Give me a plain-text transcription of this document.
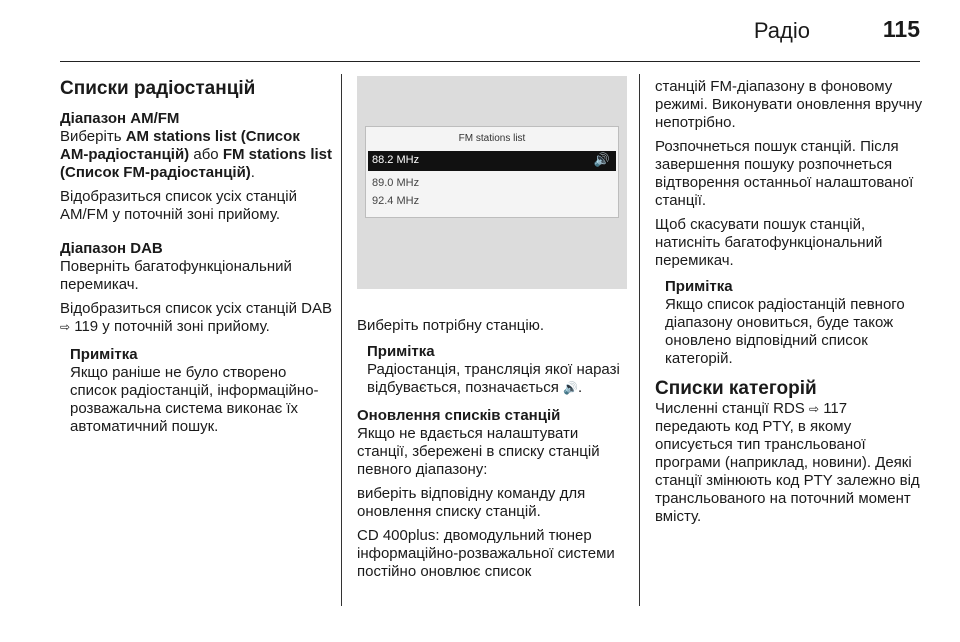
Радіо	115
Списки радіостанцій
Діапазон AM/FM

Виберіть AM stations list (Список АМ-радіостанцій) або FM stations list (Список FM-радіостанцій).

Відобразиться список усіх станцій AM/FM у поточній зоні прийому.

Діапазон DAB

Поверніть багатофункціональний перемикач.

Відобразиться список усіх станцій DAB ⇨ 119 у поточній зоні прийому.

Примітка

Якщо раніше не було створено список радіостанцій, інформаційно-розважальна система виконає їх автоматичний пошук.

FM stations list
88.2 MHz	🔊
89.0 MHz
92.4 MHz

Виберіть потрібну станцію.

Примітка

Радіостанція, трансляція якої наразі відбувається, позначається 🔊.

Оновлення списків станцій

Якщо не вдається налаштувати станції, збережені в списку станцій певного діапазону:

виберіть відповідну команду для оновлення списку станцій.

CD 400plus: двомодульний тюнер інформаційно-розважальної системи постійно оновлює список

станцій FM-діапазону в фоновому режимі. Виконувати оновлення вручну непотрібно.

Розпочнеться пошук станцій. Після завершення пошуку розпочнеться відтворення останньої налаштованої станції.

Щоб скасувати пошук станцій, натисніть багатофункціональний перемикач.

Примітка

Якщо список радіостанцій певного діапазону оновиться, буде також оновлено відповідний список категорій.

Списки категорій

Численні станції RDS ⇨ 117 передають код PTY, в якому описується тип трансльованої програми (наприклад, новини). Деякі станції змінюють код PTY залежно від трансльованого на поточний момент вмісту.
